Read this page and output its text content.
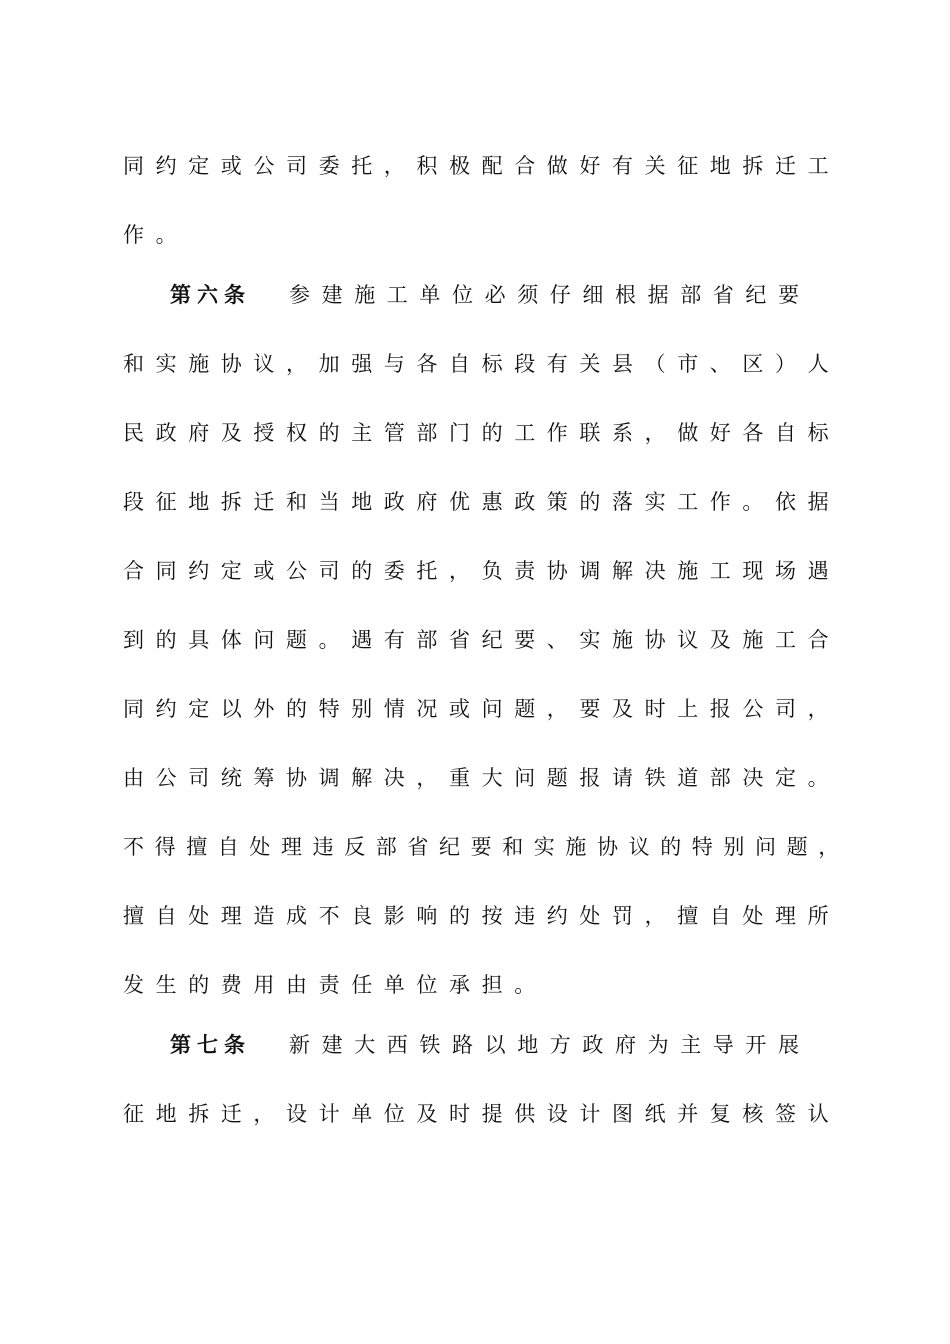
同约定或公司委托，积极配合做好有关征地拆迁工
作。
第六条 参建施工单位必须仔细根据部省纪要
和实施协议，加强与各自标段有关县（市、区）人
民政府及授权的主管部门的工作联系，做好各自标
段征地拆迁和当地政府优惠政策的落实工作。依据
合同约定或公司的委托，负责协调解决施工现场遇
到的具体问题。遇有部省纪要、实施协议及施工合
同约定以外的特别情况或问题，要及时上报公司，
由公司统筹协调解决，重大问题报请铁道部决定。
不得擅自处理违反部省纪要和实施协议的特别问题，
擅自处理造成不良影响的按违约处罚，擅自处理所
发生的费用由责任单位承担。
第七条 新建大西铁路以地方政府为主导开展
征地拆迁，设计单位及时提供设计图纸并复核签认
